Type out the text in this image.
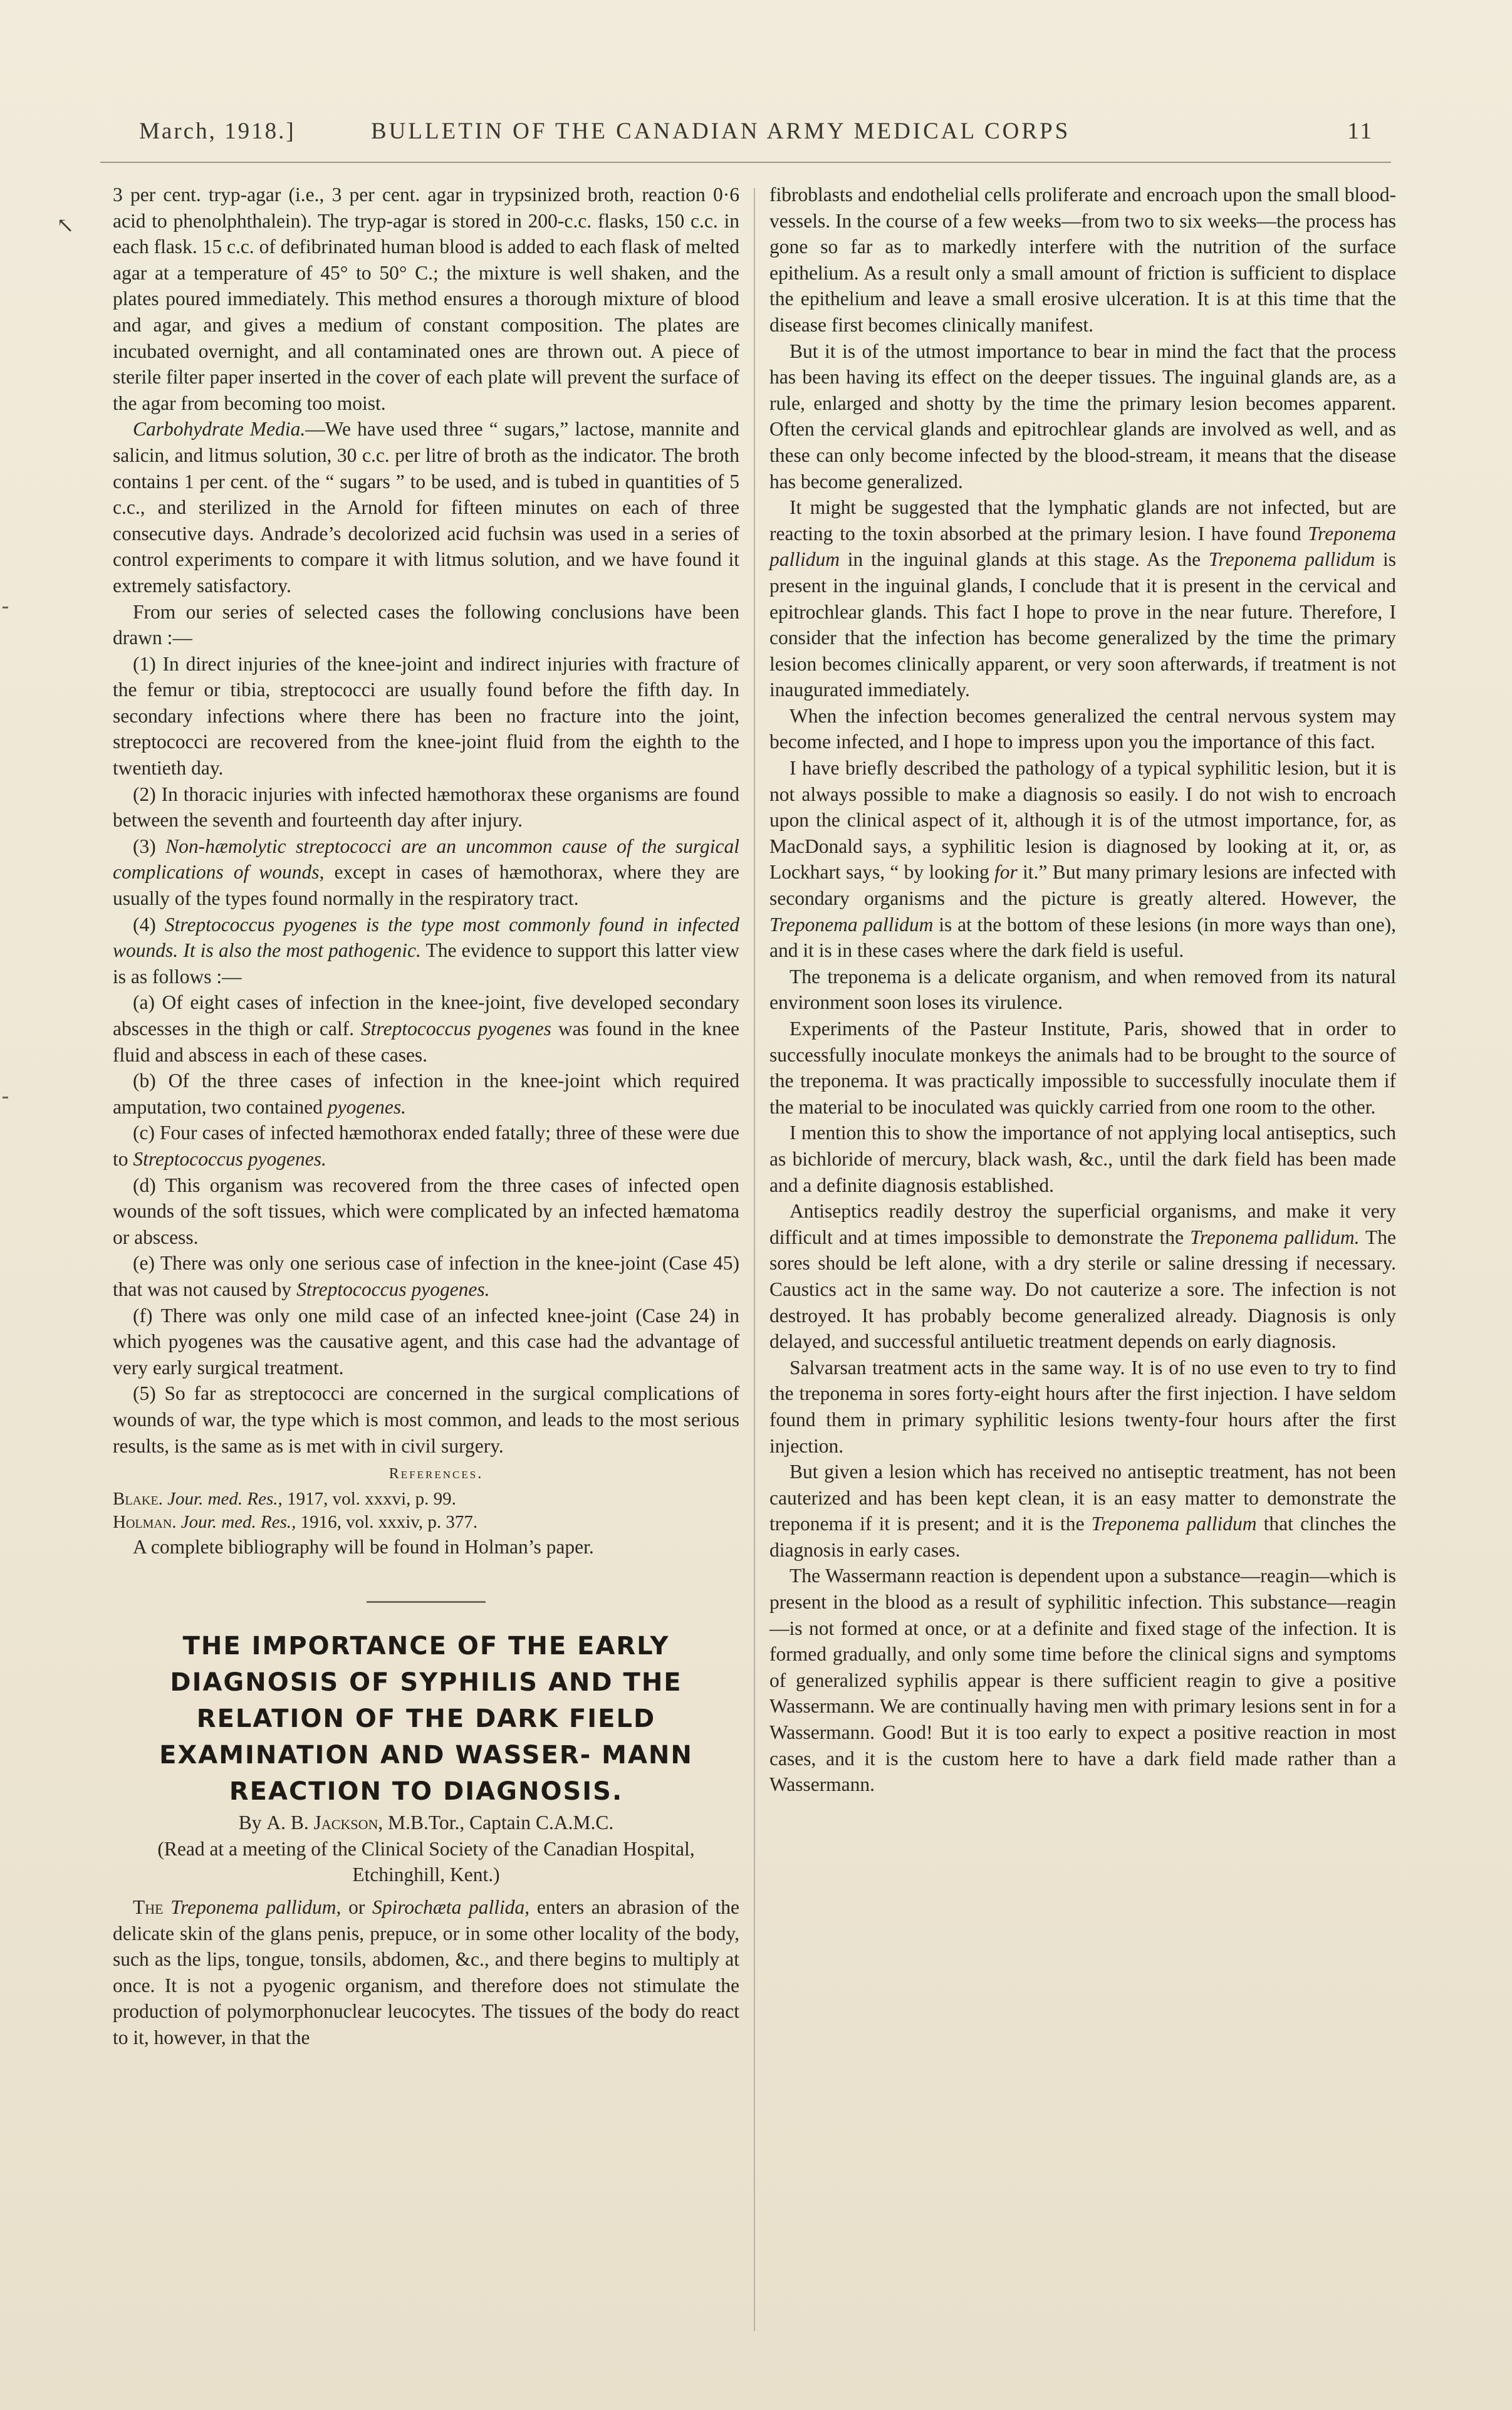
March, 1918.]	BULLETIN OF THE CANADIAN ARMY MEDICAL CORPS	11
↖

3 per cent. tryp-agar (i.e., 3 per cent. agar in trypsinized broth, reaction 0·6 acid to phenolphthalein). The tryp-agar is stored in 200-c.c. flasks, 150 c.c. in each flask. 15 c.c. of defibrinated human blood is added to each flask of melted agar at a temperature of 45° to 50° C.; the mixture is well shaken, and the plates poured immediately. This method ensures a thorough mixture of blood and agar, and gives a medium of constant composition. The plates are incubated overnight, and all contaminated ones are thrown out. A piece of sterile filter paper inserted in the cover of each plate will prevent the surface of the agar from becoming too moist.

Carbohydrate Media.—We have used three “ sugars,” lactose, mannite and salicin, and litmus solution, 30 c.c. per litre of broth as the indicator. The broth contains 1 per cent. of the “ sugars ” to be used, and is tubed in quantities of 5 c.c., and sterilized in the Arnold for fifteen minutes on each of three consecutive days. Andrade’s decolorized acid fuchsin was used in a series of control experiments to compare it with litmus solution, and we have found it extremely satisfactory.

From our series of selected cases the following conclusions have been drawn :—

(1) In direct injuries of the knee-joint and indirect injuries with fracture of the femur or tibia, streptococci are usually found before the fifth day. In secondary infections where there has been no fracture into the joint, streptococci are recovered from the knee-joint fluid from the eighth to the twentieth day.

(2) In thoracic injuries with infected hæmothorax these organisms are found between the seventh and fourteenth day after injury.

(3) Non-hæmolytic streptococci are an uncommon cause of the surgical complications of wounds, except in cases of hæmothorax, where they are usually of the types found normally in the respiratory tract.

(4) Streptococcus pyogenes is the type most commonly found in infected wounds. It is also the most pathogenic. The evidence to support this latter view is as follows :—

(a) Of eight cases of infection in the knee-joint, five developed secondary abscesses in the thigh or calf. Streptococcus pyogenes was found in the knee fluid and abscess in each of these cases.

(b) Of the three cases of infection in the knee-joint which required amputation, two contained pyogenes.

(c) Four cases of infected hæmothorax ended fatally; three of these were due to Streptococcus pyogenes.

(d) This organism was recovered from the three cases of infected open wounds of the soft tissues, which were complicated by an infected hæmatoma or abscess.

(e) There was only one serious case of infection in the knee-joint (Case 45) that was not caused by Streptococcus pyogenes.

(f) There was only one mild case of an infected knee-joint (Case 24) in which pyogenes was the causative agent, and this case had the advantage of very early surgical treatment.

(5) So far as streptococci are concerned in the surgical complications of wounds of war, the type which is most common, and leads to the most serious results, is the same as is met with in civil surgery.

References.

Blake. Jour. med. Res., 1917, vol. xxxvi, p. 99.

Holman. Jour. med. Res., 1916, vol. xxxiv, p. 377.

A complete bibliography will be found in Holman’s paper.

THE IMPORTANCE OF THE EARLY DIAGNOSIS OF SYPHILIS AND THE RELATION OF THE DARK FIELD EXAMINATION AND WASSER- MANN REACTION TO DIAGNOSIS.

By A. B. Jackson, M.B.Tor., Captain C.A.M.C.

(Read at a meeting of the Clinical Society of the Canadian Hospital, Etchinghill, Kent.)

The Treponema pallidum, or Spirochæta pallida, enters an abrasion of the delicate skin of the glans penis, prepuce, or in some other locality of the body, such as the lips, tongue, tonsils, abdomen, &c., and there begins to multiply at once. It is not a pyogenic organism, and therefore does not stimulate the production of polymorphonuclear leucocytes. The tissues of the body do react to it, however, in that the

fibroblasts and endothelial cells proliferate and encroach upon the small blood-vessels. In the course of a few weeks—from two to six weeks—the process has gone so far as to markedly interfere with the nutrition of the surface epithelium. As a result only a small amount of friction is sufficient to displace the epithelium and leave a small erosive ulceration. It is at this time that the disease first becomes clinically manifest.

But it is of the utmost importance to bear in mind the fact that the process has been having its effect on the deeper tissues. The inguinal glands are, as a rule, enlarged and shotty by the time the primary lesion becomes apparent. Often the cervical glands and epitrochlear glands are involved as well, and as these can only become infected by the blood-stream, it means that the disease has become generalized.

It might be suggested that the lymphatic glands are not infected, but are reacting to the toxin absorbed at the primary lesion. I have found Treponema pallidum in the inguinal glands at this stage. As the Treponema pallidum is present in the inguinal glands, I conclude that it is present in the cervical and epitrochlear glands. This fact I hope to prove in the near future. Therefore, I consider that the infection has become generalized by the time the primary lesion becomes clinically apparent, or very soon afterwards, if treatment is not inaugurated immediately.

When the infection becomes generalized the central nervous system may become infected, and I hope to impress upon you the importance of this fact.

I have briefly described the pathology of a typical syphilitic lesion, but it is not always possible to make a diagnosis so easily. I do not wish to encroach upon the clinical aspect of it, although it is of the utmost importance, for, as MacDonald says, a syphilitic lesion is diagnosed by looking at it, or, as Lockhart says, “ by looking for it.” But many primary lesions are infected with secondary organisms and the picture is greatly altered. However, the Treponema pallidum is at the bottom of these lesions (in more ways than one), and it is in these cases where the dark field is useful.

The treponema is a delicate organism, and when removed from its natural environment soon loses its virulence.

Experiments of the Pasteur Institute, Paris, showed that in order to successfully inoculate monkeys the animals had to be brought to the source of the treponema. It was practically impossible to successfully inoculate them if the material to be inoculated was quickly carried from one room to the other.

I mention this to show the importance of not applying local antiseptics, such as bichloride of mercury, black wash, &c., until the dark field has been made and a definite diagnosis established.

Antiseptics readily destroy the superficial organisms, and make it very difficult and at times impossible to demonstrate the Treponema pallidum. The sores should be left alone, with a dry sterile or saline dressing if necessary. Caustics act in the same way. Do not cauterize a sore. The infection is not destroyed. It has probably become generalized already. Diagnosis is only delayed, and successful antiluetic treatment depends on early diagnosis.

Salvarsan treatment acts in the same way. It is of no use even to try to find the treponema in sores forty-eight hours after the first injection. I have seldom found them in primary syphilitic lesions twenty-four hours after the first injection.

But given a lesion which has received no antiseptic treatment, has not been cauterized and has been kept clean, it is an easy matter to demonstrate the treponema if it is present; and it is the Treponema pallidum that clinches the diagnosis in early cases.

The Wassermann reaction is dependent upon a substance—reagin—which is present in the blood as a result of syphilitic infection. This substance—reagin—is not formed at once, or at a definite and fixed stage of the infection. It is formed gradually, and only some time before the clinical signs and symptoms of generalized syphilis appear is there sufficient reagin to give a positive Wassermann. We are continually having men with primary lesions sent in for a Wassermann. Good! But it is too early to expect a positive reaction in most cases, and it is the custom here to have a dark field made rather than a Wassermann.
